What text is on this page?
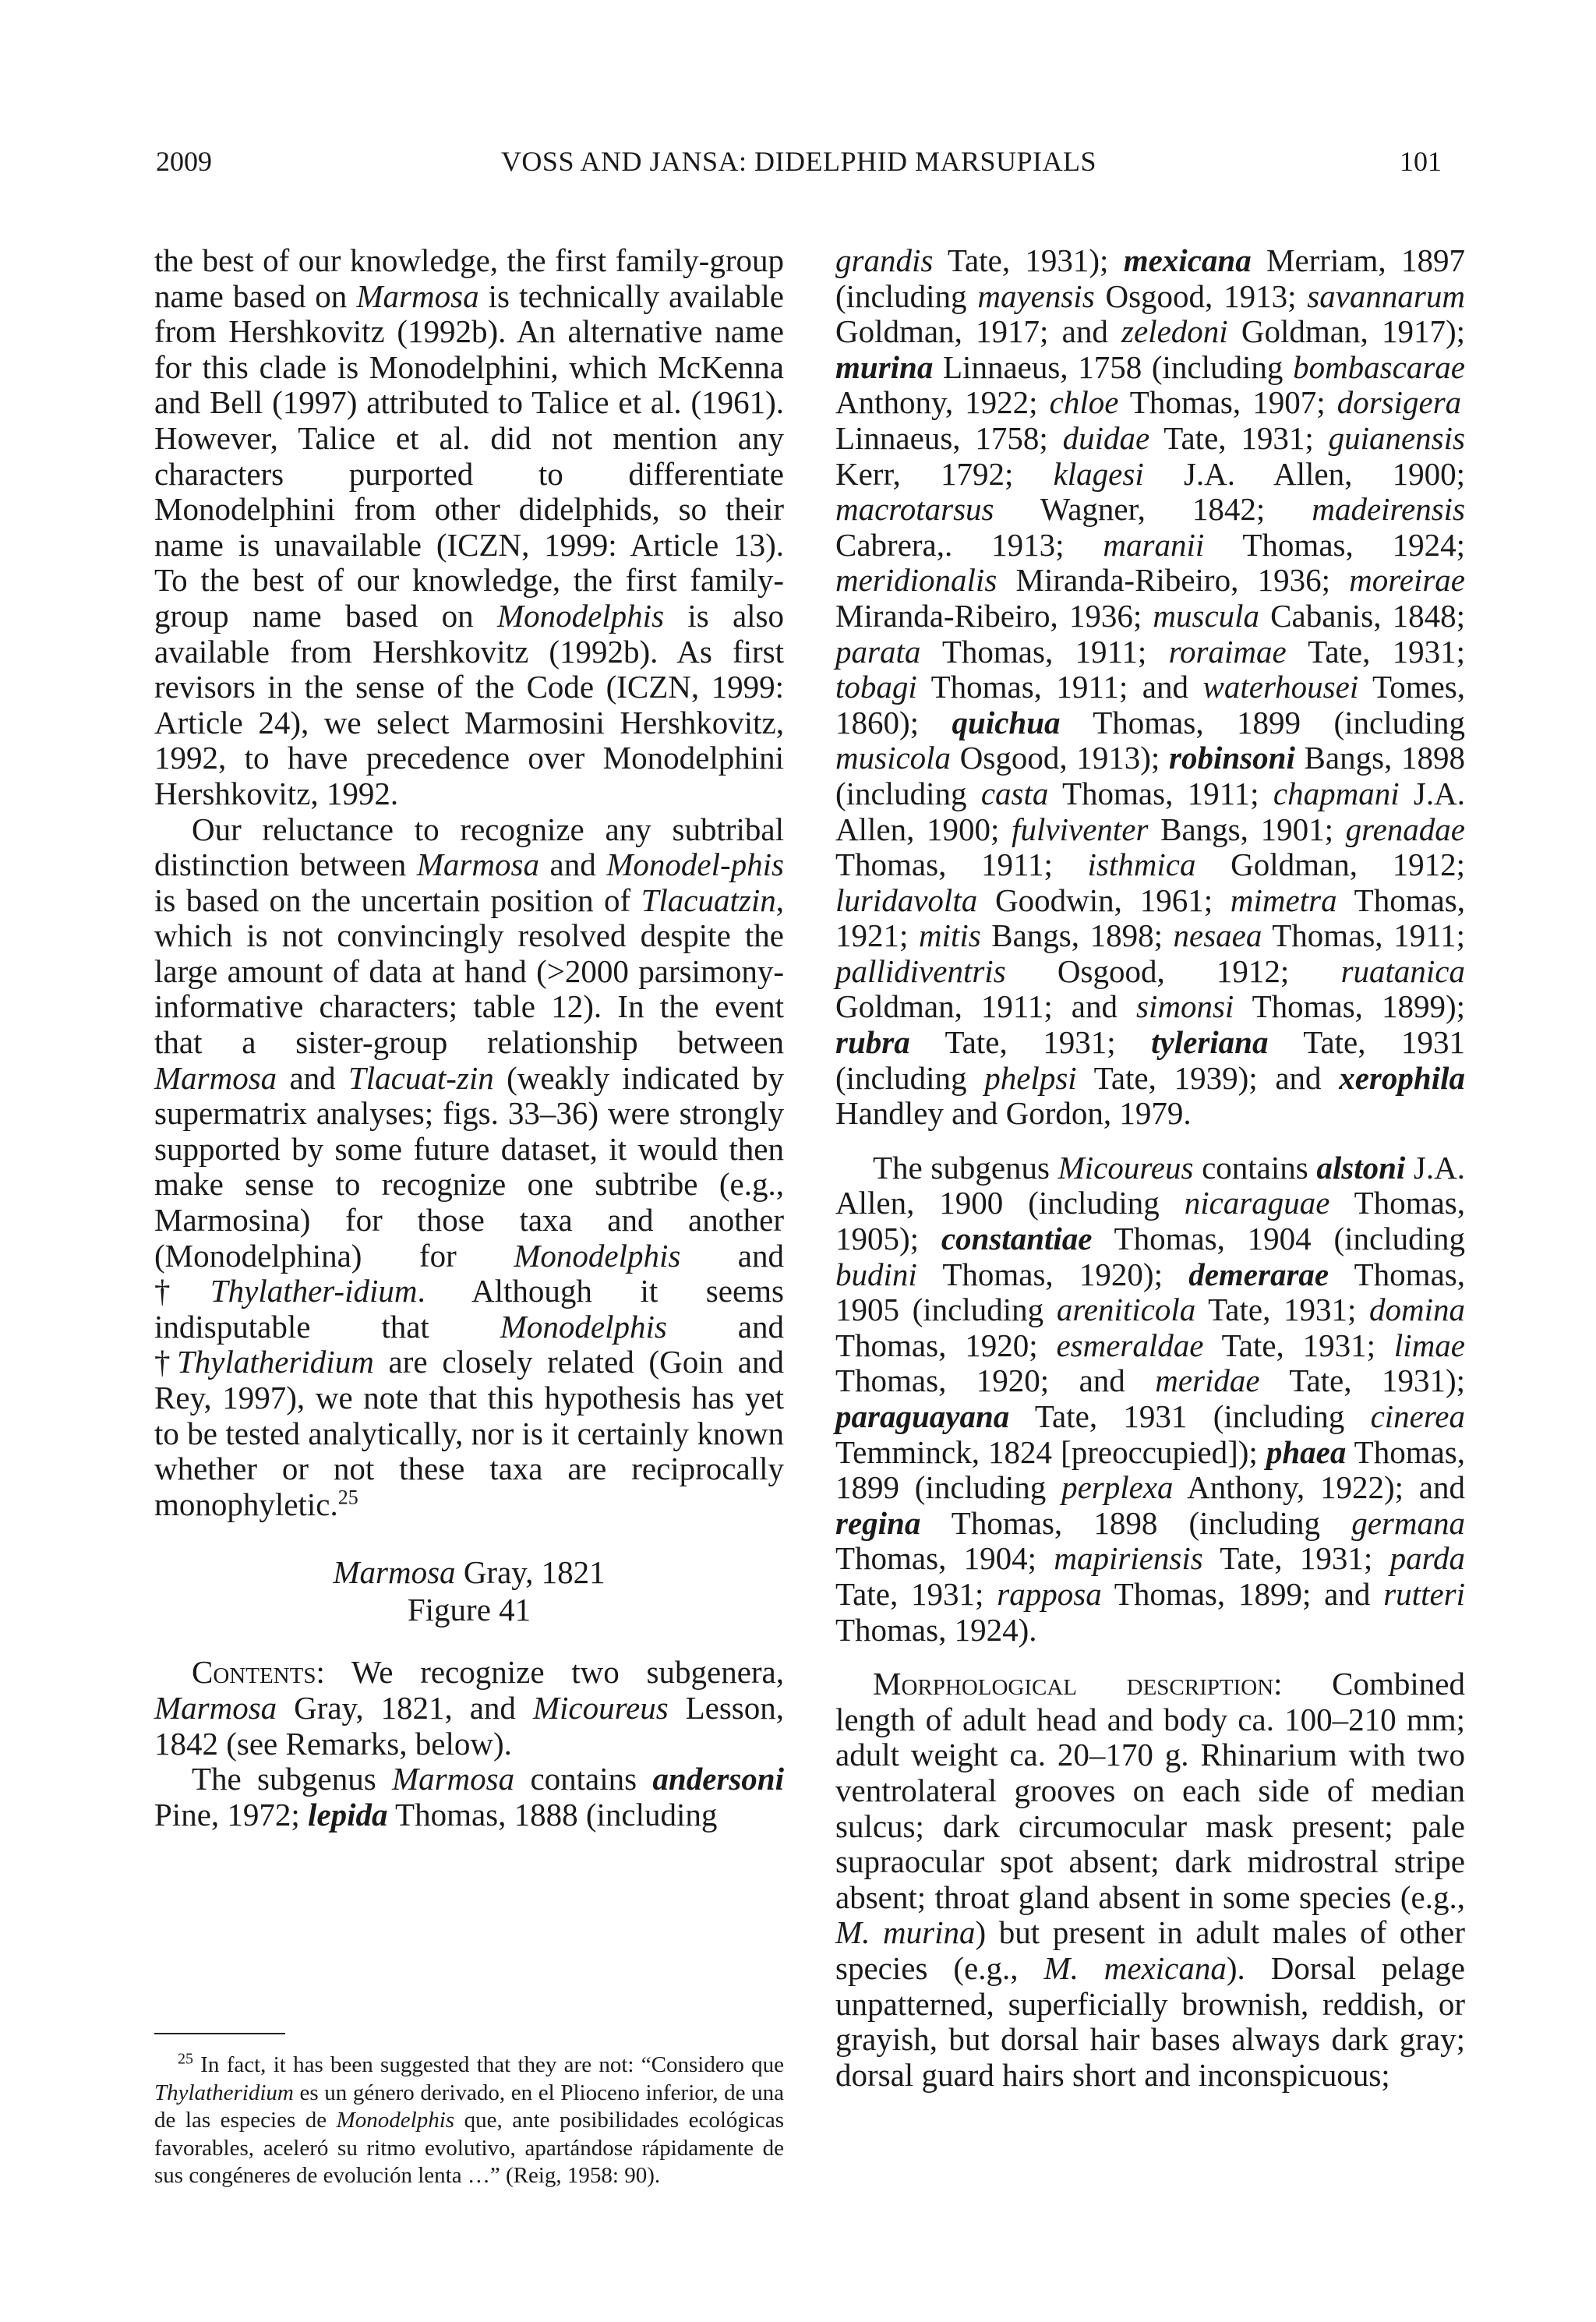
2009	VOSS AND JANSA: DIDELPHID MARSUPIALS	101

the best of our knowledge, the first family-group name based on Marmosa is technically available from Hershkovitz (1992b). An alternative name for this clade is Monodelphini, which McKenna and Bell (1997) attributed to Talice et al. (1961). However, Talice et al. did not mention any characters purported to differentiate Monodelphini from other didelphids, so their name is unavailable (ICZN, 1999: Article 13). To the best of our knowledge, the first family-group name based on Monodelphis is also available from Hershkovitz (1992b). As first revisors in the sense of the Code (ICZN, 1999: Article 24), we select Marmosini Hershkovitz, 1992, to have precedence over Monodelphini Hershkovitz, 1992.

Our reluctance to recognize any subtribal distinction between Marmosa and Monodel-phis is based on the uncertain position of Tlacuatzin, which is not convincingly resolved despite the large amount of data at hand (>2000 parsimony-informative characters; table 12). In the event that a sister-group relationship between Marmosa and Tlacuat-zin (weakly indicated by supermatrix analyses; figs. 33–36) were strongly supported by some future dataset, it would then make sense to recognize one subtribe (e.g., Marmosina) for those taxa and another (Monodelphina) for Monodelphis and †Thylather-idium. Although it seems indisputable that Monodelphis and †Thylatheridium are closely related (Goin and Rey, 1997), we note that this hypothesis has yet to be tested analytically, nor is it certainly known whether or not these taxa are reciprocally monophyletic.$^{25}$

Marmosa Gray, 1821
Figure 41

Contents: We recognize two subgenera, Marmosa Gray, 1821, and Micoureus Lesson, 1842 (see Remarks, below).

The subgenus Marmosa contains andersoni Pine, 1972; lepida Thomas, 1888 (including

$^{25}$ In fact, it has been suggested that they are not: “Considero que Thylatheridium es un género derivado, en el Plioceno inferior, de una de las especies de Monodelphis que, ante posibilidades ecológicas favorables, aceleró su ritmo evolutivo, apartándose rápidamente de sus congéneres de evolución lenta …” (Reig, 1958: 90).

grandis Tate, 1931); mexicana Merriam, 1897 (including mayensis Osgood, 1913; savannarum Goldman, 1917; and zeledoni Goldman, 1917); murina Linnaeus, 1758 (including bombascarae Anthony, 1922; chloe Thomas, 1907; dorsigera Linnaeus, 1758; duidae Tate, 1931; guianensis Kerr, 1792; klagesi J.A. Allen, 1900; macrotarsus Wagner, 1842; madeirensis Cabrera,. 1913; maranii Thomas, 1924; meridionalis Miranda-Ribeiro, 1936; moreirae Miranda-Ribeiro, 1936; muscula Cabanis, 1848; parata Thomas, 1911; roraimae Tate, 1931; tobagi Thomas, 1911; and waterhousei Tomes, 1860); quichua Thomas, 1899 (including musicola Osgood, 1913); robinsoni Bangs, 1898 (including casta Thomas, 1911; chapmani J.A. Allen, 1900; fulviventer Bangs, 1901; grenadae Thomas, 1911; isthmica Goldman, 1912; luridavolta Goodwin, 1961; mimetra Thomas, 1921; mitis Bangs, 1898; nesaea Thomas, 1911; pallidiventris Osgood, 1912; ruatanica Goldman, 1911; and simonsi Thomas, 1899); rubra Tate, 1931; tyleriana Tate, 1931 (including phelpsi Tate, 1939); and xerophila Handley and Gordon, 1979.

The subgenus Micoureus contains alstoni J.A. Allen, 1900 (including nicaraguae Thomas, 1905); constantiae Thomas, 1904 (including budini Thomas, 1920); demerarae Thomas, 1905 (including areniticola Tate, 1931; domina Thomas, 1920; esmeraldae Tate, 1931; limae Thomas, 1920; and meridae Tate, 1931); paraguayana Tate, 1931 (including cinerea Temminck, 1824 [preoccupied]); phaea Thomas, 1899 (including perplexa Anthony, 1922); and regina Thomas, 1898 (including germana Thomas, 1904; mapiriensis Tate, 1931; parda Tate, 1931; rapposa Thomas, 1899; and rutteri Thomas, 1924).

Morphological description: Combined length of adult head and body ca. 100–210 mm; adult weight ca. 20–170 g. Rhinarium with two ventrolateral grooves on each side of median sulcus; dark circumocular mask present; pale supraocular spot absent; dark midrostral stripe absent; throat gland absent in some species (e.g., M. murina) but present in adult males of other species (e.g., M. mexicana). Dorsal pelage unpatterned, superficially brownish, reddish, or grayish, but dorsal hair bases always dark gray; dorsal guard hairs short and inconspicuous;
